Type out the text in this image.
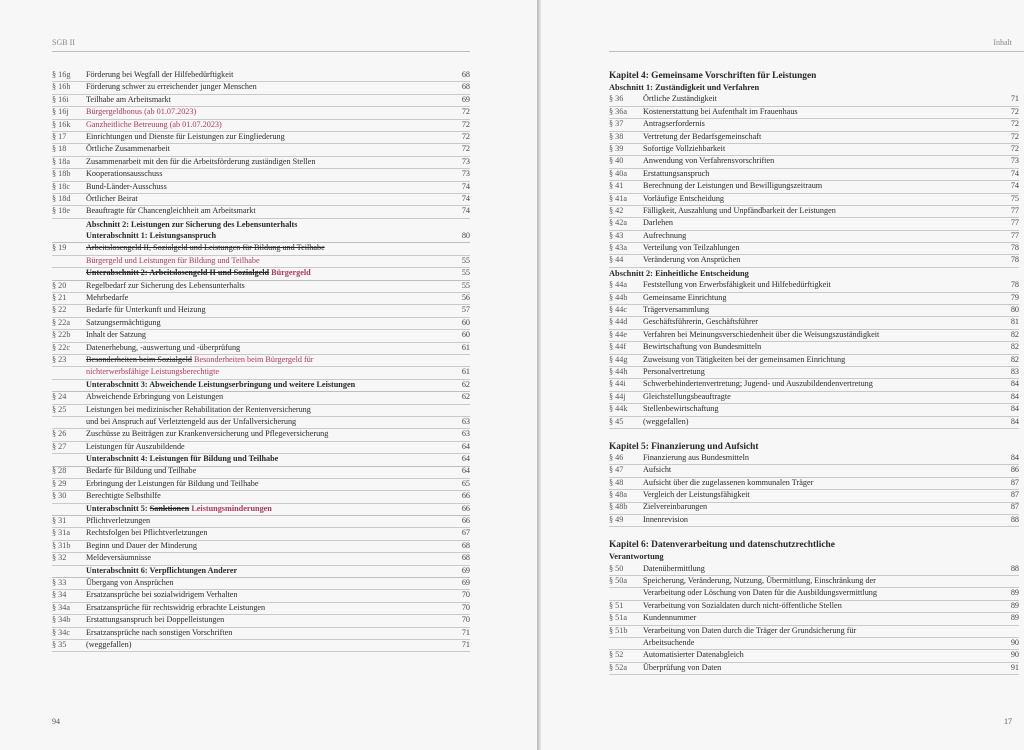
SGB II
§ 16g	Förderung bei Wegfall der Hilfebedürftigkeit	68
§ 16h	Förderung schwer zu erreichender junger Menschen	68
§ 16i	Teilhabe am Arbeitsmarkt	69
§ 16j	Bürgergeldbonus (ab 01.07.2023)	72
§ 16k	Ganzheitliche Betreuung (ab 01.07.2023)	72
§ 17	Einrichtungen und Dienste für Leistungen zur Eingliederung	72
§ 18	Örtliche Zusammenarbeit	72
§ 18a	Zusammenarbeit mit den für die Arbeitsförderung zuständigen Stellen	73
§ 18b	Kooperationsausschuss	73
§ 18c	Bund-Länder-Ausschuss	74
§ 18d	Örtlicher Beirat	74
§ 18e	Beauftragte für Chancengleichheit am Arbeitsmarkt	74
Abschnitt 2: Leistungen zur Sicherung des Lebensunterhalts
Unterabschnitt 1: Leistungsanspruch	80
§ 19	Arbeitslosengeld II, Sozialgeld und Leistungen für Bildung und Teilhabe
Bürgergeld und Leistungen für Bildung und Teilhabe	55
Unterabschnitt 2: Arbeitslosengeld II und Sozialgeld Bürgergeld	55
§ 20	Regelbedarf zur Sicherung des Lebensunterhalts	55
§ 21	Mehrbedarfe	56
§ 22	Bedarfe für Unterkunft und Heizung	57
§ 22a	Satzungsermächtigung	60
§ 22b	Inhalt der Satzung	60
§ 22c	Datenerhebung, -auswertung und -überprüfung	61
§ 23	Besonderheiten beim Sozialgeld Besonderheiten beim Bürgergeld für
nichterwerbsfähige Leistungsberechtigte	61
Unterabschnitt 3: Abweichende Leistungserbringung und weitere Leistungen	62
§ 24	Abweichende Erbringung von Leistungen	62
§ 25	Leistungen bei medizinischer Rehabilitation der Rentenversicherung
und bei Anspruch auf Verletztengeld aus der Unfallversicherung	63
§ 26	Zuschüsse zu Beiträgen zur Krankenversicherung und Pflegeversicherung	63
§ 27	Leistungen für Auszubildende	64
Unterabschnitt 4: Leistungen für Bildung und Teilhabe	64
§ 28	Bedarfe für Bildung und Teilhabe	64
§ 29	Erbringung der Leistungen für Bildung und Teilhabe	65
§ 30	Berechtigte Selbsthilfe	66
Unterabschnitt 5: Sanktionen Leistungsminderungen	66
§ 31	Pflichtverletzungen	66
§ 31a	Rechtsfolgen bei Pflichtverletzungen	67
§ 31b	Beginn und Dauer der Minderung	68
§ 32	Meldeversäumnisse	68
Unterabschnitt 6: Verpflichtungen Anderer	69
§ 33	Übergang von Ansprüchen	69
§ 34	Ersatzansprüche bei sozialwidrigem Verhalten	70
§ 34a	Ersatzansprüche für rechtswidrig erbrachte Leistungen	70
§ 34b	Erstattungsanspruch bei Doppelleistungen	70
§ 34c	Ersatzansprüche nach sonstigen Vorschriften	71
§ 35	(weggefallen)	71
94
Inhalt
Kapitel 4: Gemeinsame Vorschriften für Leistungen
Abschnitt 1: Zuständigkeit und Verfahren
§ 36	Örtliche Zuständigkeit	71
§ 36a	Kostenerstattung bei Aufenthalt im Frauenhaus	72
§ 37	Antragserfordernis	72
§ 38	Vertretung der Bedarfsgemeinschaft	72
§ 39	Sofortige Vollziehbarkeit	72
§ 40	Anwendung von Verfahrensvorschriften	73
§ 40a	Erstattungsanspruch	74
§ 41	Berechnung der Leistungen und Bewilligungszeitraum	74
§ 41a	Vorläufige Entscheidung	75
§ 42	Fälligkeit, Auszahlung und Unpfändbarkeit der Leistungen	77
§ 42a	Darlehen	77
§ 43	Aufrechnung	77
§ 43a	Verteilung von Teilzahlungen	78
§ 44	Veränderung von Ansprüchen	78
Abschnitt 2: Einheitliche Entscheidung
§ 44a	Feststellung von Erwerbsfähigkeit und Hilfebedürftigkeit	78
§ 44b	Gemeinsame Einrichtung	79
§ 44c	Trägerversammlung	80
§ 44d	Geschäftsführerin, Geschäftsführer	81
§ 44e	Verfahren bei Meinungsverschiedenheit über die Weisungszuständigkeit	82
§ 44f	Bewirtschaftung von Bundesmitteln	82
§ 44g	Zuweisung von Tätigkeiten bei der gemeinsamen Einrichtung	82
§ 44h	Personalvertretung	83
§ 44i	Schwerbehindertenvertretung; Jugend- und Auszubildendenvertretung	84
§ 44j	Gleichstellungsbeauftragte	84
§ 44k	Stellenbewirtschaftung	84
§ 45	(weggefallen)	84
Kapitel 5: Finanzierung und Aufsicht
§ 46	Finanzierung aus Bundesmitteln	84
§ 47	Aufsicht	86
§ 48	Aufsicht über die zugelassenen kommunalen Träger	87
§ 48a	Vergleich der Leistungsfähigkeit	87
§ 48b	Zielvereinbarungen	87
§ 49	Innenrevision	88
Kapitel 6: Datenverarbeitung und datenschutzrechtliche
Verantwortung
§ 50	Datenübermittlung	88
§ 50a	Speicherung, Veränderung, Nutzung, Übermittlung, Einschränkung der
Verarbeitung oder Löschung von Daten für die Ausbildungsvermittlung	89
§ 51	Verarbeitung von Sozialdaten durch nicht-öffentliche Stellen	89
§ 51a	Kundennummer	89
§ 51b	Verarbeitung von Daten durch die Träger der Grundsicherung für
Arbeitsuchende	90
§ 52	Automatisierter Datenabgleich	90
§ 52a	Überprüfung von Daten	91
17
